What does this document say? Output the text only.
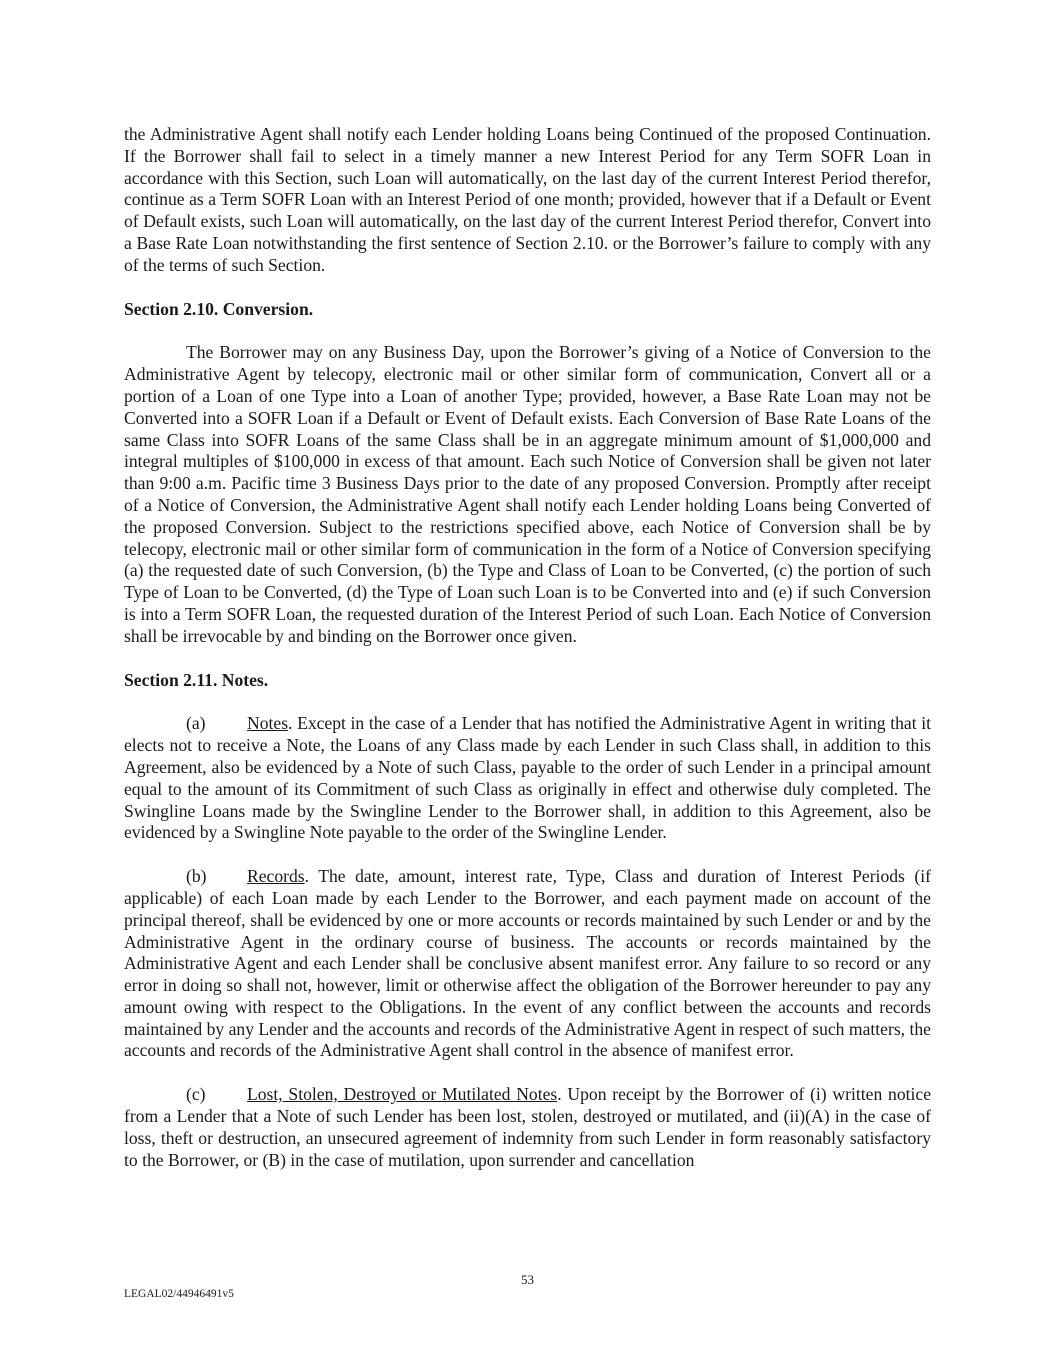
the Administrative Agent shall notify each Lender holding Loans being Continued of the proposed Continuation. If the Borrower shall fail to select in a timely manner a new Interest Period for any Term SOFR Loan in accordance with this Section, such Loan will automatically, on the last day of the current Interest Period therefor, continue as a Term SOFR Loan with an Interest Period of one month; provided, however that if a Default or Event of Default exists, such Loan will automatically, on the last day of the current Interest Period therefor, Convert into a Base Rate Loan notwithstanding the first sentence of Section 2.10. or the Borrower’s failure to comply with any of the terms of such Section.

Section 2.10. Conversion.

The Borrower may on any Business Day, upon the Borrower’s giving of a Notice of Conversion to the Administrative Agent by telecopy, electronic mail or other similar form of communication, Convert all or a portion of a Loan of one Type into a Loan of another Type; provided, however, a Base Rate Loan may not be Converted into a SOFR Loan if a Default or Event of Default exists. Each Conversion of Base Rate Loans of the same Class into SOFR Loans of the same Class shall be in an aggregate minimum amount of $1,000,000 and integral multiples of $100,000 in excess of that amount. Each such Notice of Conversion shall be given not later than 9:00 a.m. Pacific time 3 Business Days prior to the date of any proposed Conversion. Promptly after receipt of a Notice of Conversion, the Administrative Agent shall notify each Lender holding Loans being Converted of the proposed Conversion. Subject to the restrictions specified above, each Notice of Conversion shall be by telecopy, electronic mail or other similar form of communication in the form of a Notice of Conversion specifying (a) the requested date of such Conversion, (b) the Type and Class of Loan to be Converted, (c) the portion of such Type of Loan to be Converted, (d) the Type of Loan such Loan is to be Converted into and (e) if such Conversion is into a Term SOFR Loan, the requested duration of the Interest Period of such Loan. Each Notice of Conversion shall be irrevocable by and binding on the Borrower once given.

Section 2.11. Notes.

(a) Notes. Except in the case of a Lender that has notified the Administrative Agent in writing that it elects not to receive a Note, the Loans of any Class made by each Lender in such Class shall, in addition to this Agreement, also be evidenced by a Note of such Class, payable to the order of such Lender in a principal amount equal to the amount of its Commitment of such Class as originally in effect and otherwise duly completed. The Swingline Loans made by the Swingline Lender to the Borrower shall, in addition to this Agreement, also be evidenced by a Swingline Note payable to the order of the Swingline Lender.

(b) Records. The date, amount, interest rate, Type, Class and duration of Interest Periods (if applicable) of each Loan made by each Lender to the Borrower, and each payment made on account of the principal thereof, shall be evidenced by one or more accounts or records maintained by such Lender or and by the Administrative Agent in the ordinary course of business. The accounts or records maintained by the Administrative Agent and each Lender shall be conclusive absent manifest error. Any failure to so record or any error in doing so shall not, however, limit or otherwise affect the obligation of the Borrower hereunder to pay any amount owing with respect to the Obligations. In the event of any conflict between the accounts and records maintained by any Lender and the accounts and records of the Administrative Agent in respect of such matters, the accounts and records of the Administrative Agent shall control in the absence of manifest error.

(c) Lost, Stolen, Destroyed or Mutilated Notes. Upon receipt by the Borrower of (i) written notice from a Lender that a Note of such Lender has been lost, stolen, destroyed or mutilated, and (ii)(A) in the case of loss, theft or destruction, an unsecured agreement of indemnity from such Lender in form reasonably satisfactory to the Borrower, or (B) in the case of mutilation, upon surrender and cancellation

53
LEGAL02/44946491v5
